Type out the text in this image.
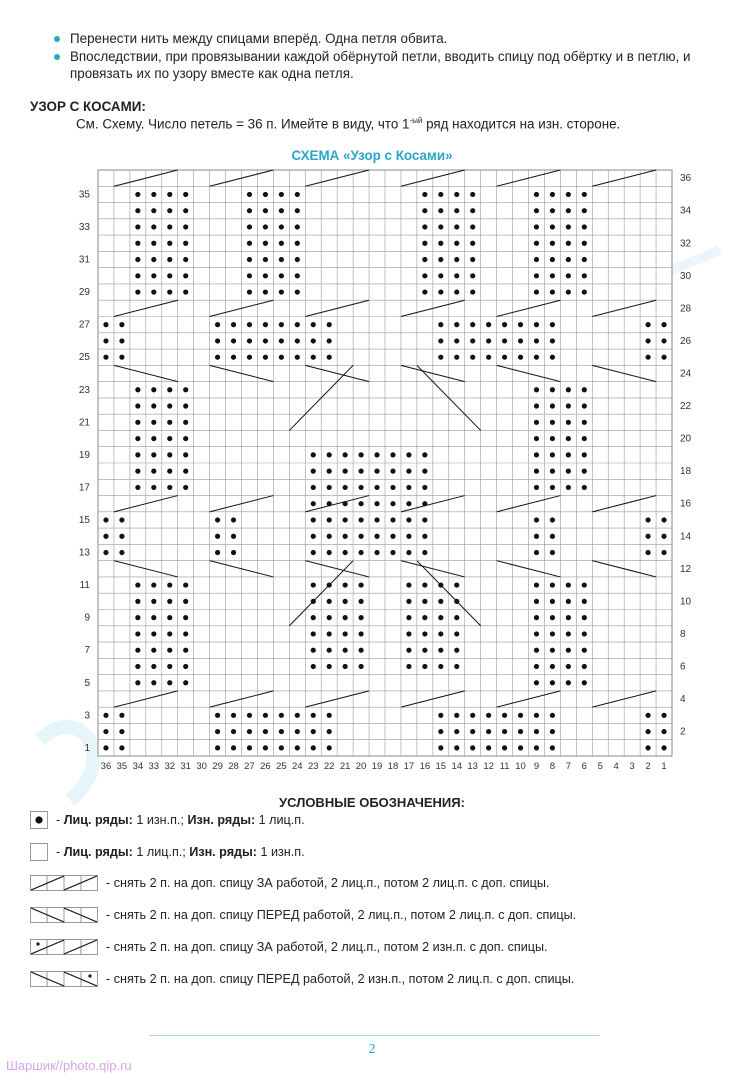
Перенести нить между спицами вперёд. Одна петля обвита.
Впоследствии, при провязывании каждой обёрнутой петли, вводить спицу под обёртку и в петлю, и провязать их по узору вместе как одна петля.
УЗОР С КОСАМИ:
См. Схему. Число петель = 36 п. Имейте в виду, что $1^{-ый}$ ряд находится на изн. стороне.
СХЕМА «Узор с Косами»
1
3
5
7
9
11
13
15
17
19
21
23
25
27
29
31
33
35
2
4
6
8
10
12
14
16
18
20
22
24
26
28
30
32
34
36
36 35 34 33 32 31 30 29 28 27 26 25 24 23 22 21 20 19 18 17 16 15 14 13 12 11 10 9 8 7 6 5 4 3 2 1
УСЛОВНЫЕ ОБОЗНАЧЕНИЯ:
- Лиц. ряды: 1 изн.п.; Изн. ряды: 1 лиц.п.
- Лиц. ряды: 1 лиц.п.; Изн. ряды: 1 изн.п.
- снять 2 п. на доп. спицу ЗА работой, 2 лиц.п., потом 2 лиц.п. с доп. спицы.
- снять 2 п. на доп. спицу ПЕРЕД работой, 2 лиц.п., потом 2 лиц.п. с доп. спицы.
- снять 2 п. на доп. спицу ЗА работой, 2 лиц.п., потом 2 изн.п. с доп. спицы.
- снять 2 п. на доп. спицу ПЕРЕД работой, 2 изн.п., потом 2 лиц.п. с доп. спицы.
2
Шаршик//photo.qip.ru
